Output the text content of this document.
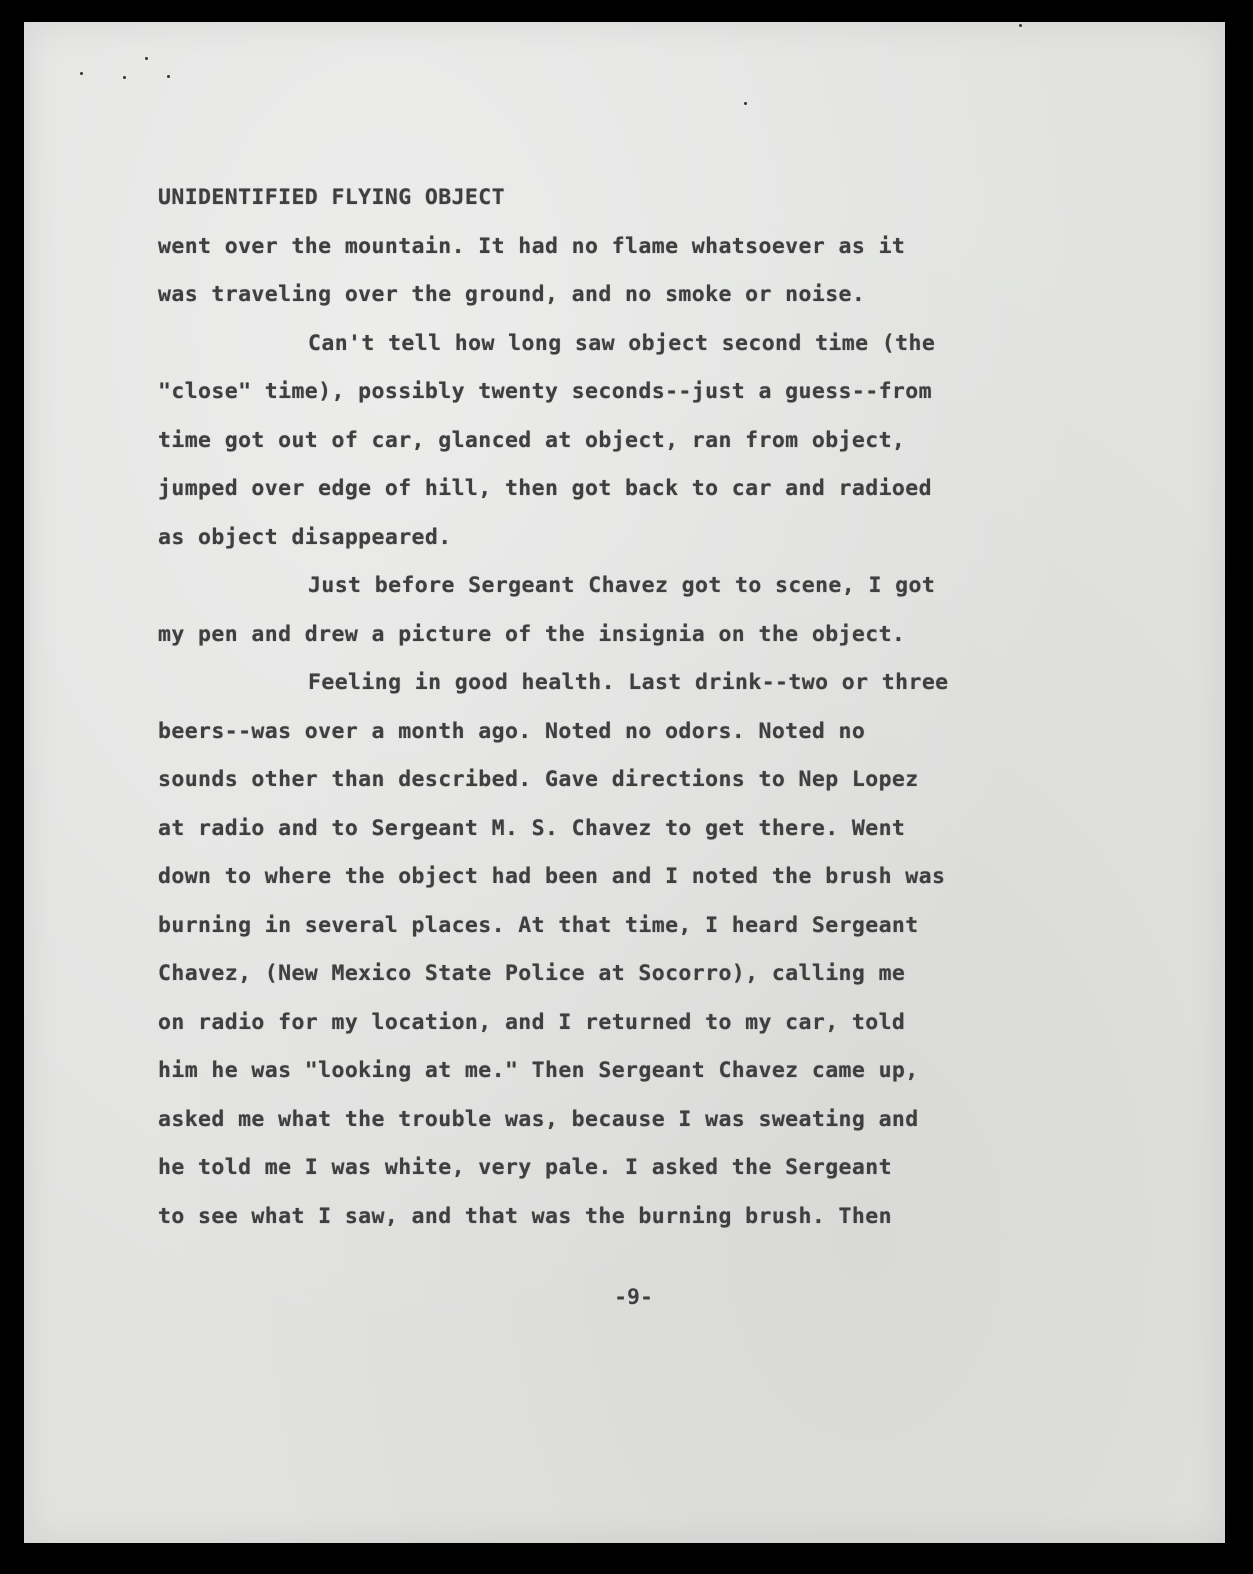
UNIDENTIFIED FLYING OBJECT
went over the mountain. It had no flame whatsoever as it
was traveling over the ground, and no smoke or noise.
Can't tell how long saw object second time (the
"close" time), possibly twenty seconds--just a guess--from
time got out of car, glanced at object, ran from object,
jumped over edge of hill, then got back to car and radioed
as object disappeared.
Just before Sergeant Chavez got to scene, I got
my pen and drew a picture of the insignia on the object.
Feeling in good health. Last drink--two or three
beers--was over a month ago. Noted no odors. Noted no
sounds other than described. Gave directions to Nep Lopez
at radio and to Sergeant M. S. Chavez to get there. Went
down to where the object had been and I noted the brush was
burning in several places. At that time, I heard Sergeant
Chavez, (New Mexico State Police at Socorro), calling me
on radio for my location, and I returned to my car, told
him he was "looking at me." Then Sergeant Chavez came up,
asked me what the trouble was, because I was sweating and
he told me I was white, very pale. I asked the Sergeant
to see what I saw, and that was the burning brush. Then
-9-
